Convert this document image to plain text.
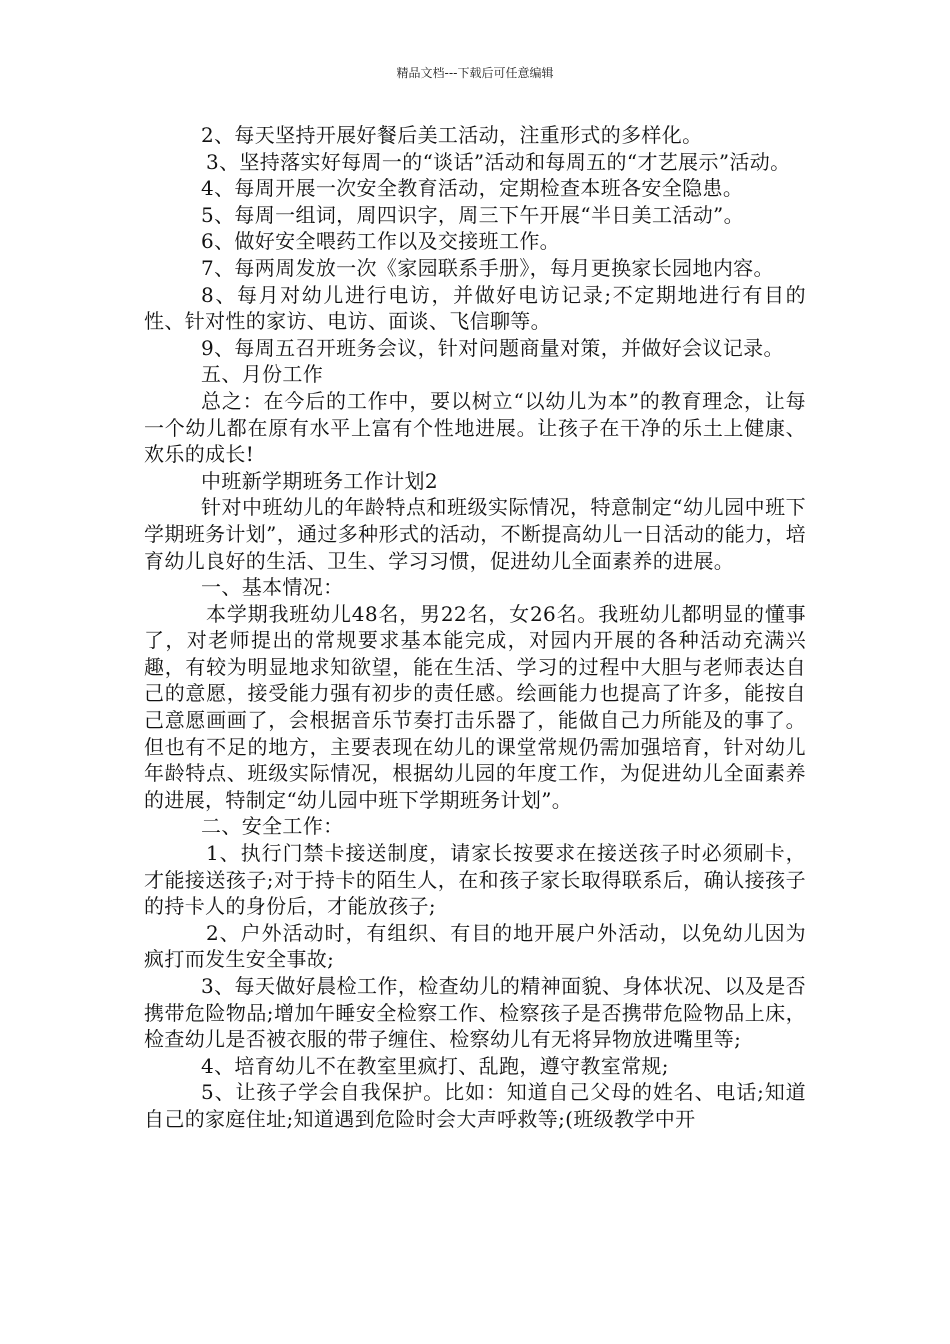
精品文档---下载后可任意编辑

2、每天坚持开展好餐后美工活动，注重形式的多样化。

3、坚持落实好每周一的“谈话”活动和每周五的“才艺展示”活动。

4、每周开展一次安全教育活动，定期检查本班各安全隐患。

5、每周一组词，周四识字，周三下午开展“半日美工活动”。

6、做好安全喂药工作以及交接班工作。

7、每两周发放一次《家园联系手册》，每月更换家长园地内容。

8、每月对幼儿进行电访，并做好电访记录;不定期地进行有目的性、针对性的家访、电访、面谈、飞信聊等。

9、每周五召开班务会议，针对问题商量对策，并做好会议记录。

五、月份工作

总之：在今后的工作中，要以树立“以幼儿为本”的教育理念，让每一个幼儿都在原有水平上富有个性地进展。让孩子在干净的乐土上健康、欢乐的成长!

中班新学期班务工作计划2

针对中班幼儿的年龄特点和班级实际情况，特意制定“幼儿园中班下学期班务计划”，通过多种形式的活动，不断提高幼儿一日活动的能力，培育幼儿良好的生活、卫生、学习习惯，促进幼儿全面素养的进展。

一、基本情况：

本学期我班幼儿48名，男22名，女26名。我班幼儿都明显的懂事了，对老师提出的常规要求基本能完成，对园内开展的各种活动充满兴趣，有较为明显地求知欲望，能在生活、学习的过程中大胆与老师表达自己的意愿，接受能力强有初步的责任感。绘画能力也提高了许多，能按自己意愿画画了，会根据音乐节奏打击乐器了，能做自己力所能及的事了。但也有不足的地方，主要表现在幼儿的课堂常规仍需加强培育，针对幼儿年龄特点、班级实际情况，根据幼儿园的年度工作，为促进幼儿全面素养的进展，特制定“幼儿园中班下学期班务计划”。

二、安全工作：

1、执行门禁卡接送制度，请家长按要求在接送孩子时必须刷卡，才能接送孩子;对于持卡的陌生人，在和孩子家长取得联系后，确认接孩子的持卡人的身份后，才能放孩子;

2、户外活动时，有组织、有目的地开展户外活动，以免幼儿因为疯打而发生安全事故;

3、每天做好晨检工作，检查幼儿的精神面貌、身体状况、以及是否携带危险物品;增加午睡安全检察工作、检察孩子是否携带危险物品上床，检查幼儿是否被衣服的带子缠住、检察幼儿有无将异物放进嘴里等;

4、培育幼儿不在教室里疯打、乱跑，遵守教室常规;

5、让孩子学会自我保护。比如：知道自己父母的姓名、电话;知道自己的家庭住址;知道遇到危险时会大声呼救等;(班级教学中开
